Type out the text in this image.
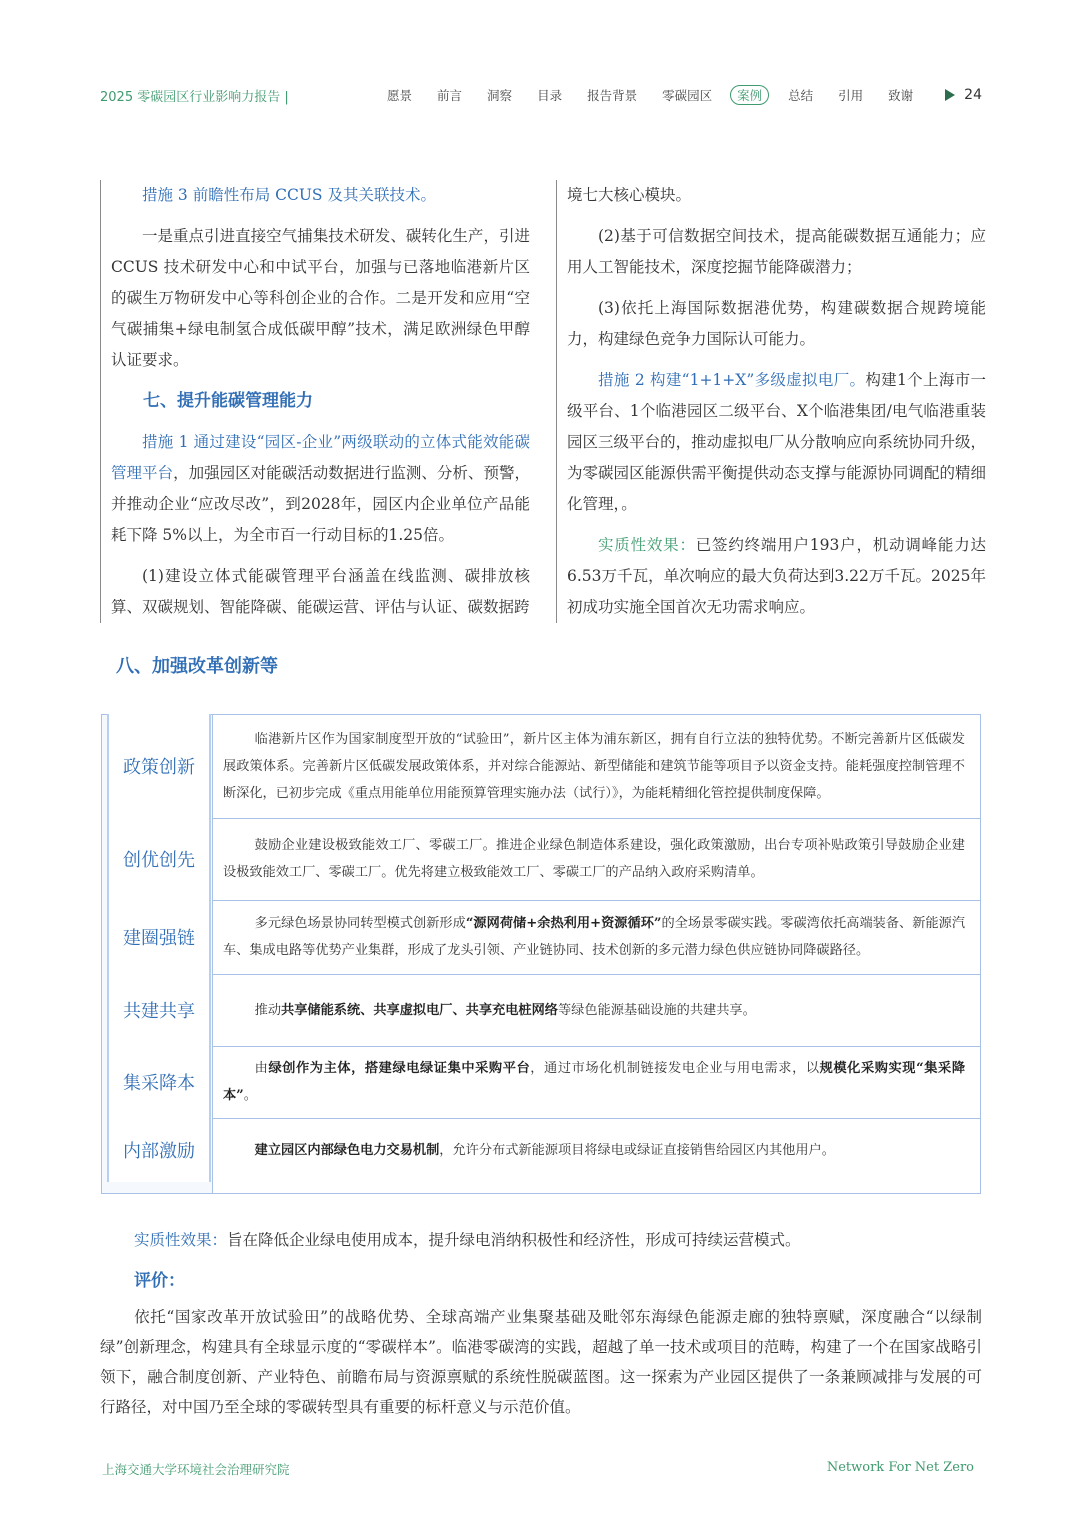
2025 零碳园区行业影响力报告 |	愿景 前言 洞察 目录 报告背景 零碳园区	案例	总结 引用 致谢	24

措施 3 前瞻性布局 CCUS 及其关联技术。

一是重点引进直接空气捕集技术研发、碳转化生产，引进 CCUS 技术研发中心和中试平台，加强与已落地临港新片区的碳生万物研发中心等科创企业的合作。二是开发和应用“空气碳捕集+绿电制氢合成低碳甲醇”技术，满足欧洲绿色甲醇认证要求。

七、提升能碳管理能力

措施 1 通过建设“园区-企业”两级联动的立体式能效能碳管理平台，加强园区对能碳活动数据进行监测、分析、预警，并推动企业“应改尽改”，到2028年，园区内企业单位产品能耗下降 5%以上，为全市百一行动目标的1.25倍。

(1)建设立体式能碳管理平台涵盖在线监测、碳排放核算、双碳规划、智能降碳、能碳运营、评估与认证、碳数据跨

境七大核心模块。

(2)基于可信数据空间技术，提高能碳数据互通能力；应用人工智能技术，深度挖掘节能降碳潜力；

(3)依托上海国际数据港优势，构建碳数据合规跨境能力，构建绿色竞争力国际认可能力。

措施 2 构建“1+1+X”多级虚拟电厂。构建1个上海市一级平台、1个临港园区二级平台、X个临港集团/电气临港重装园区三级平台的，推动虚拟电厂从分散响应向系统协同升级，为零碳园区能源供需平衡提供动态支撑与能源协同调配的精细化管理，。

实质性效果：已签约终端用户193户，机动调峰能力达6.53万千瓦，单次响应的最大负荷达到3.22万千瓦。2025年初成功实施全国首次无功需求响应。

八、加强改革创新等
政策创新
临港新片区作为国家制度型开放的“试验田”，新片区主体为浦东新区，拥有自行立法的独特优势。不断完善新片区低碳发展政策体系。完善新片区低碳发展政策体系，并对综合能源站、新型储能和建筑节能等项目予以资金支持。能耗强度控制管理不断深化，已初步完成《重点用能单位用能预算管理实施办法（试行）》，为能耗精细化管控提供制度保障。
创优创先
鼓励企业建设极致能效工厂、零碳工厂。推进企业绿色制造体系建设，强化政策激励，出台专项补贴政策引导鼓励企业建设极致能效工厂、零碳工厂。优先将建立极致能效工厂、零碳工厂的产品纳入政府采购清单。
建圈强链
多元绿色场景协同转型模式创新形成“源网荷储+余热利用+资源循环”的全场景零碳实践。零碳湾依托高端装备、新能源汽车、集成电路等优势产业集群，形成了龙头引领、产业链协同、技术创新的多元潜力绿色供应链协同降碳路径。
共建共享	推动共享储能系统、共享虚拟电厂、共享充电桩网络等绿色能源基础设施的共建共享。
集采降本
由绿创作为主体，搭建绿电绿证集中采购平台，通过市场化机制链接发电企业与用电需求，以规模化采购实现“集采降本”。
内部激励	建立园区内部绿色电力交易机制，允许分布式新能源项目将绿电或绿证直接销售给园区内其他用户。
实质性效果：旨在降低企业绿电使用成本，提升绿电消纳积极性和经济性，形成可持续运营模式。
评价：
依托“国家改革开放试验田”的战略优势、全球高端产业集聚基础及毗邻东海绿色能源走廊的独特禀赋，深度融合“以绿制绿”创新理念，构建具有全球显示度的“零碳样本”。临港零碳湾的实践，超越了单一技术或项目的范畴，构建了一个在国家战略引领下，融合制度创新、产业特色、前瞻布局与资源禀赋的系统性脱碳蓝图。这一探索为产业园区提供了一条兼顾减排与发展的可行路径，对中国乃至全球的零碳转型具有重要的标杆意义与示范价值。
上海交通大学环境社会治理研究院	Network For Net Zero
